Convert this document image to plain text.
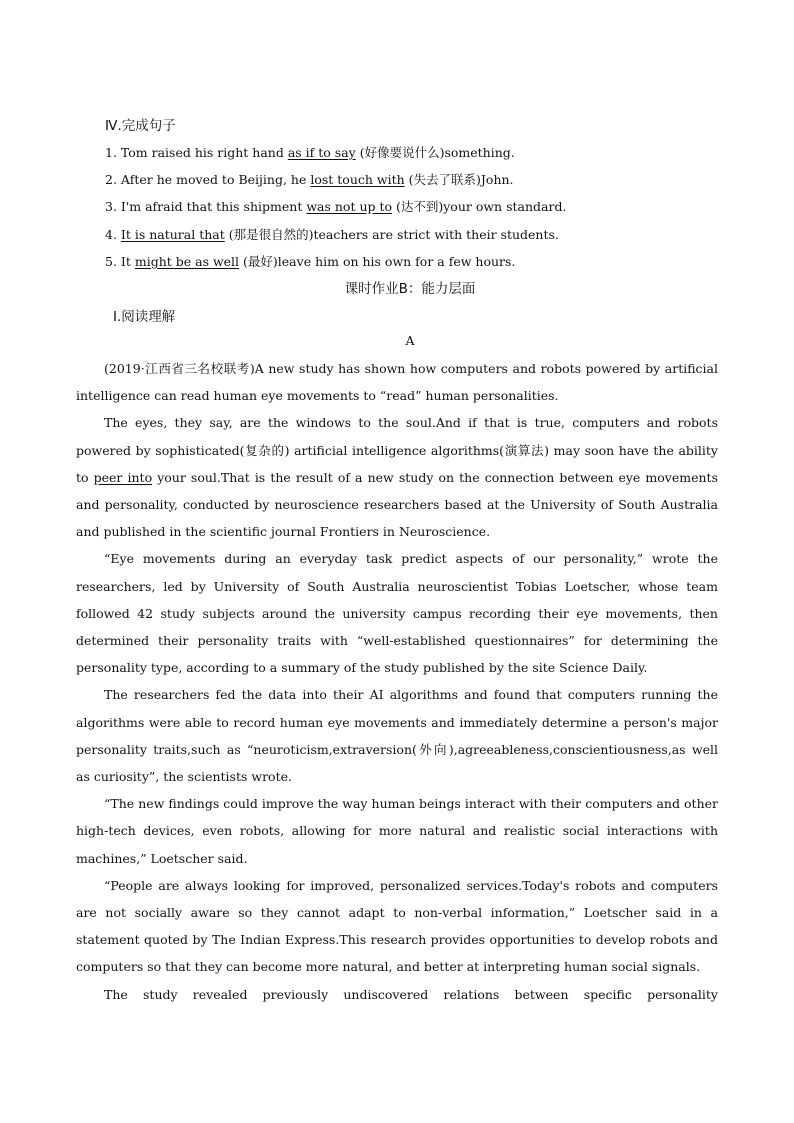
Ⅳ.完成句子
1. Tom raised his right hand as if to say (好像要说什么)something.
2. After he moved to Beijing, he lost touch with (失去了联系)John.
3. I'm afraid that this shipment was not up to (达不到)your own standard.
4. It is natural that (那是很自然的)teachers are strict with their students.
5. It might be as well (最好)leave him on his own for a few hours.
课时作业B：能力层面
Ⅰ.阅读理解
A

(2019·江西省三名校联考)A new study has shown how computers and robots powered by artificial intelligence can read human eye movements to “read” human personalities.

The eyes, they say, are the windows to the soul.And if that is true, computers and robots powered by sophisticated(复杂的) artificial intelligence algorithms(演算法) may soon have the ability to peer into your soul.That is the result of a new study on the connection between eye movements and personality, conducted by neuroscience researchers based at the University of South Australia and published in the scientific journal Frontiers in Neuroscience.

“Eye movements during an everyday task predict aspects of our personality,” wrote the researchers, led by University of South Australia neuroscientist Tobias Loetscher, whose team followed 42 study subjects around the university campus recording their eye movements, then determined their personality traits with “well-established questionnaires” for determining the personality type, according to a summary of the study published by the site Science Daily.

The researchers fed the data into their AI algorithms and found that computers running the algorithms were able to record human eye movements and immediately determine a person's major personality traits,such as “neuroticism,extraversion(外向),agreeableness,conscientiousness,as well as curiosity”, the scientists wrote.

“The new findings could improve the way human beings interact with their computers and other high-tech devices, even robots, allowing for more natural and realistic social interactions with machines,” Loetscher said.

“People are always looking for improved, personalized services.Today's robots and computers are not socially aware so they cannot adapt to non-verbal information,” Loetscher said in a statement quoted by The Indian Express.This research provides opportunities to develop robots and computers so that they can become more natural, and better at interpreting human social signals.

The study revealed previously undiscovered relations between specific personality
